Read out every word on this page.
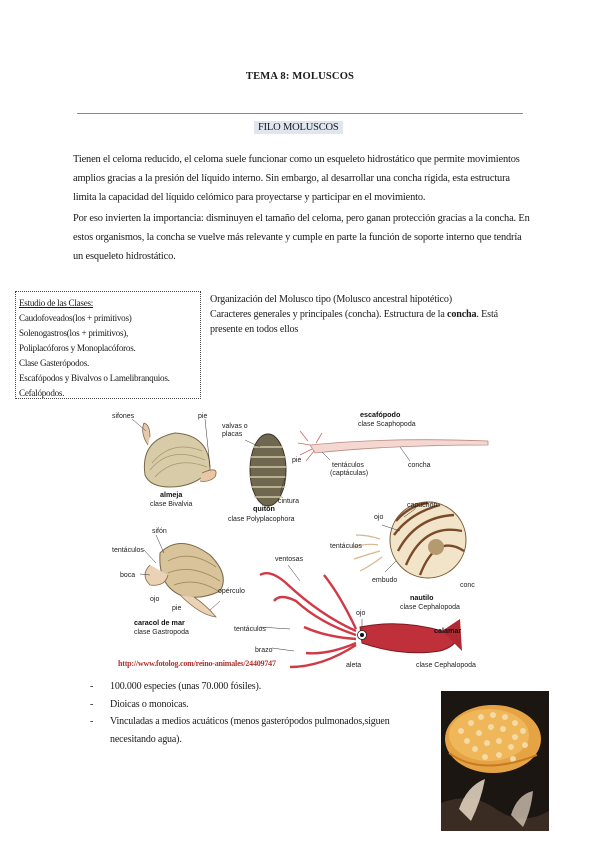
TEMA 8: MOLUSCOS
FILO MOLUSCOS

Tienen el celoma reducido, el celoma suele funcionar como un esqueleto hidrostático que permite movimientos amplios gracias a la presión del líquido interno. Sin embargo, al desarrollar una concha rígida, esta estructura limita la capacidad del líquido celómico para proyectarse y participar en el movimiento.

Por eso invierten la importancia: disminuyen el tamaño del celoma, pero ganan protección gracias a la concha. En estos organismos, la concha se vuelve más relevante y cumple en parte la función de soporte interno que tendría un esqueleto hidrostático.

Estudio de las Clases:
Caudofoveados(los + primitivos)
Solenogastros(los + primitivos),
Poliplacóforos y Monoplacóforos.
Clase Gasterópodos.
Escafópodos y Bivalvos o Lamelibranquios.
Cefalópodos.

Organización del Molusco tipo (Molusco ancestral hipotético)

Caracteres generales y principales (concha). Estructura de la concha. Está presente en todos ellos

sifones	pie
almeja
clase Bivalvia
valvas o
placas
cintura
pie
quitón
clase Polyplacophora
escafópodo
clase Scaphopoda
tentáculos
(captáculas)
concha
capuchón
ojo
tentáculos
embudo
conc
nautilo
clase Cephalopoda
sifón
tentáculos
boca
ojo
pie
opérculo
caracol de mar
clase Gastropoda
ventosas
tentáculos
brazo
ojo
aleta
calamar
clase Cephalopoda
http://www.fotolog.com/reino-animales/24409747
- 100.000 especies (unas 70.000 fósiles).
- Dioicas o monoicas.
- Vinculadas a medios acuáticos (menos gasterópodos pulmonados,siguen necesitando agua).
